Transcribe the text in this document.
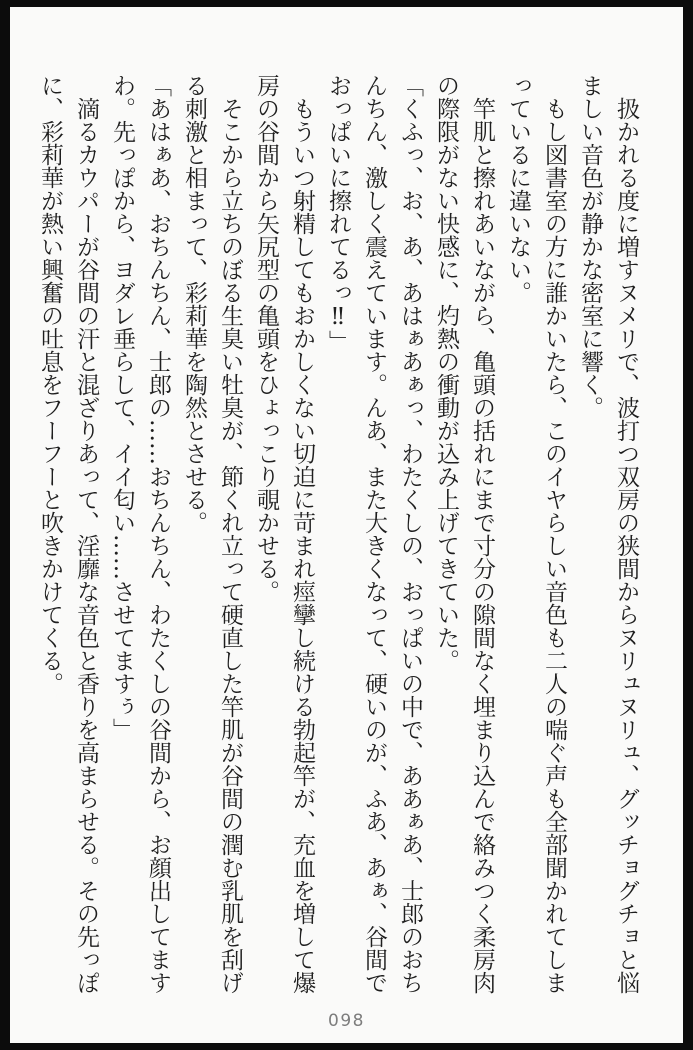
扱かれる度に増すヌメリで、波打つ双房の狭間からヌリュヌリュ、グッチョグチョと悩

ましい音色が静かな密室に響く。

もし図書室の方に誰かいたら、このイヤらしい音色も二人の喘ぐ声も全部聞かれてしま

っているに違いない。

竿肌と擦れあいながら、亀頭の括れにまで寸分の隙間なく埋まり込んで絡みつく柔房肉

の際限がない快感に、灼熱の衝動が込み上げてきていた。

「くふっ、お、あ、あはぁあぁっ、わたくしの、おっぱいの中で、ああぁあ、士郎のおち

んちん、激しく震えています。んあ、また大きくなって、硬いのが、ふあ、あぁ、谷間で

おっぱいに擦れてるっ‼」

もういつ射精してもおかしくない切迫に苛まれ痙攣し続ける勃起竿が、充血を増して爆

房の谷間から矢尻型の亀頭をひょっこり覗かせる。

そこから立ちのぼる生臭い牡臭が、節くれ立って硬直した竿肌が谷間の潤む乳肌を刮げ

る刺激と相まって、彩莉華を陶然とさせる。

「あはぁあ、おちんちん、士郎の……おちんちん、わたくしの谷間から、お顔出してます

わ。先っぽから、ヨダレ垂らして、イイ匂い……させてますぅ」

滴るカウパーが谷間の汗と混ざりあって、淫靡な音色と香りを高まらせる。その先っぽ

に、彩莉華が熱い興奮の吐息をフーフーと吹きかけてくる。

098
